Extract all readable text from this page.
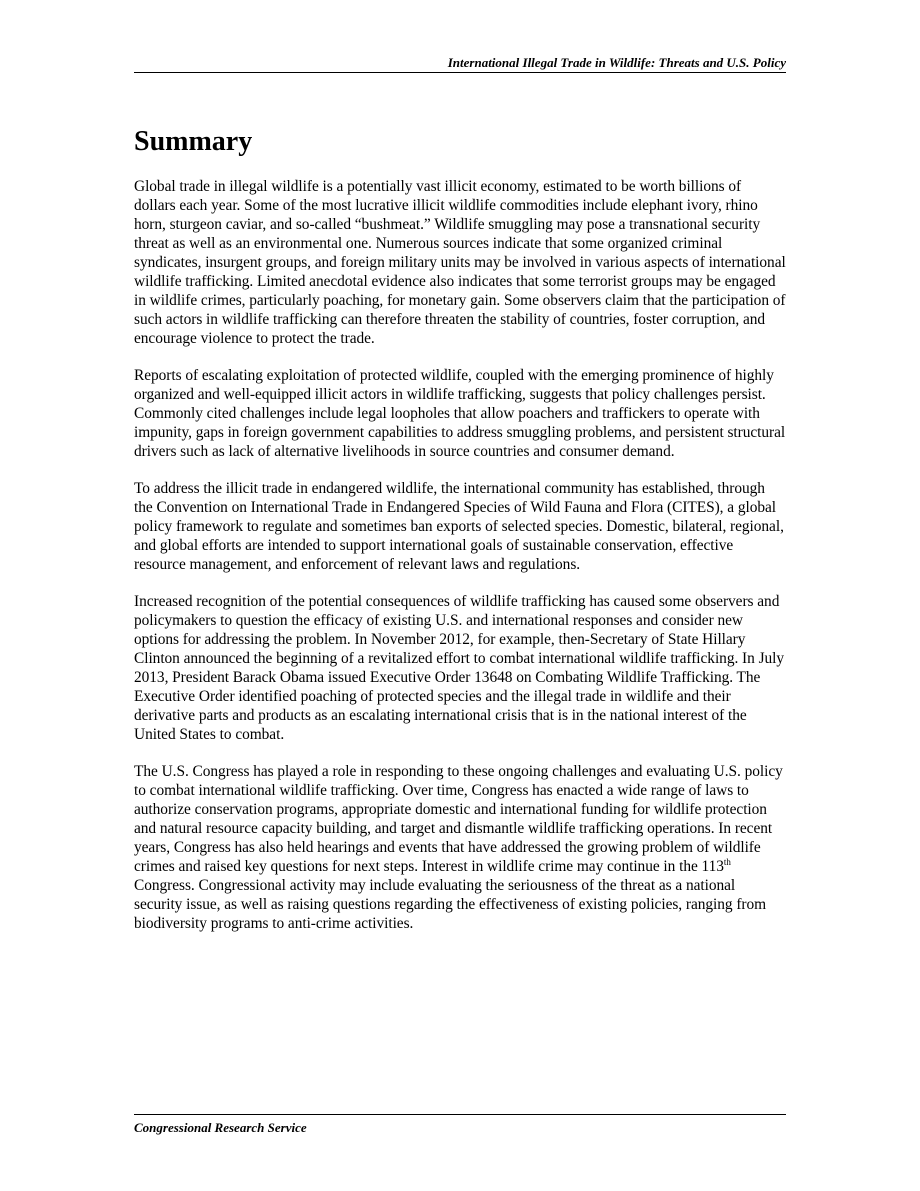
International Illegal Trade in Wildlife: Threats and U.S. Policy
Summary

Global trade in illegal wildlife is a potentially vast illicit economy, estimated to be worth billions of dollars each year. Some of the most lucrative illicit wildlife commodities include elephant ivory, rhino horn, sturgeon caviar, and so-called “bushmeat.” Wildlife smuggling may pose a transnational security threat as well as an environmental one. Numerous sources indicate that some organized criminal syndicates, insurgent groups, and foreign military units may be involved in various aspects of international wildlife trafficking. Limited anecdotal evidence also indicates that some terrorist groups may be engaged in wildlife crimes, particularly poaching, for monetary gain. Some observers claim that the participation of such actors in wildlife trafficking can therefore threaten the stability of countries, foster corruption, and encourage violence to protect the trade.

Reports of escalating exploitation of protected wildlife, coupled with the emerging prominence of highly organized and well-equipped illicit actors in wildlife trafficking, suggests that policy challenges persist. Commonly cited challenges include legal loopholes that allow poachers and traffickers to operate with impunity, gaps in foreign government capabilities to address smuggling problems, and persistent structural drivers such as lack of alternative livelihoods in source countries and consumer demand.

To address the illicit trade in endangered wildlife, the international community has established, through the Convention on International Trade in Endangered Species of Wild Fauna and Flora (CITES), a global policy framework to regulate and sometimes ban exports of selected species. Domestic, bilateral, regional, and global efforts are intended to support international goals of sustainable conservation, effective resource management, and enforcement of relevant laws and regulations.

Increased recognition of the potential consequences of wildlife trafficking has caused some observers and policymakers to question the efficacy of existing U.S. and international responses and consider new options for addressing the problem. In November 2012, for example, then-Secretary of State Hillary Clinton announced the beginning of a revitalized effort to combat international wildlife trafficking. In July 2013, President Barack Obama issued Executive Order 13648 on Combating Wildlife Trafficking. The Executive Order identified poaching of protected species and the illegal trade in wildlife and their derivative parts and products as an escalating international crisis that is in the national interest of the United States to combat.

The U.S. Congress has played a role in responding to these ongoing challenges and evaluating U.S. policy to combat international wildlife trafficking. Over time, Congress has enacted a wide range of laws to authorize conservation programs, appropriate domestic and international funding for wildlife protection and natural resource capacity building, and target and dismantle wildlife trafficking operations. In recent years, Congress has also held hearings and events that have addressed the growing problem of wildlife crimes and raised key questions for next steps. Interest in wildlife crime may continue in the 113th Congress. Congressional activity may include evaluating the seriousness of the threat as a national security issue, as well as raising questions regarding the effectiveness of existing policies, ranging from biodiversity programs to anti-crime activities.

Congressional Research Service
